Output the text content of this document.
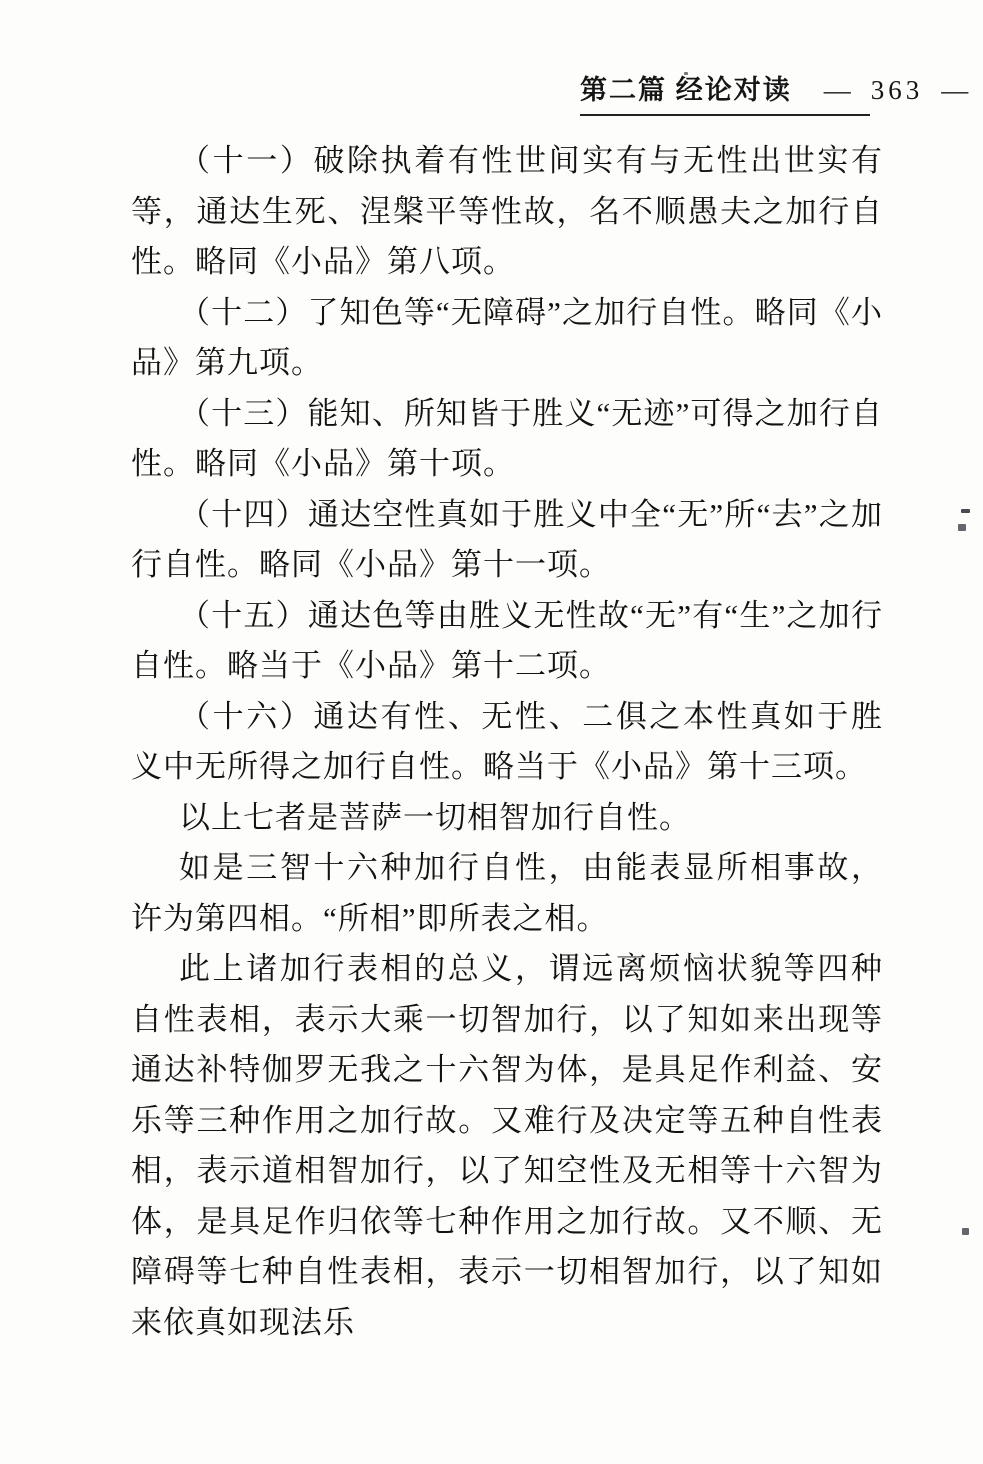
第二篇 经论对读 — 363 —

（十一）破除执着有性世间实有与无性出世实有等，通达生死、涅槃平等性故，名不顺愚夫之加行自性。略同《小品》第八项。

（十二）了知色等“无障碍”之加行自性。略同《小品》第九项。

（十三）能知、所知皆于胜义“无迹”可得之加行自性。略同《小品》第十项。

（十四）通达空性真如于胜义中全“无”所“去”之加行自性。略同《小品》第十一项。

（十五）通达色等由胜义无性故“无”有“生”之加行自性。略当于《小品》第十二项。

（十六）通达有性、无性、二俱之本性真如于胜义中无所得之加行自性。略当于《小品》第十三项。

以上七者是菩萨一切相智加行自性。

如是三智十六种加行自性，由能表显所相事故，许为第四相。“所相”即所表之相。

此上诸加行表相的总义，谓远离烦恼状貌等四种自性表相，表示大乘一切智加行，以了知如来出现等通达补特伽罗无我之十六智为体，是具足作利益、安乐等三种作用之加行故。又难行及决定等五种自性表相，表示道相智加行，以了知空性及无相等十六智为体，是具足作归依等七种作用之加行故。又不顺、无障碍等七种自性表相，表示一切相智加行，以了知如来依真如现法乐
